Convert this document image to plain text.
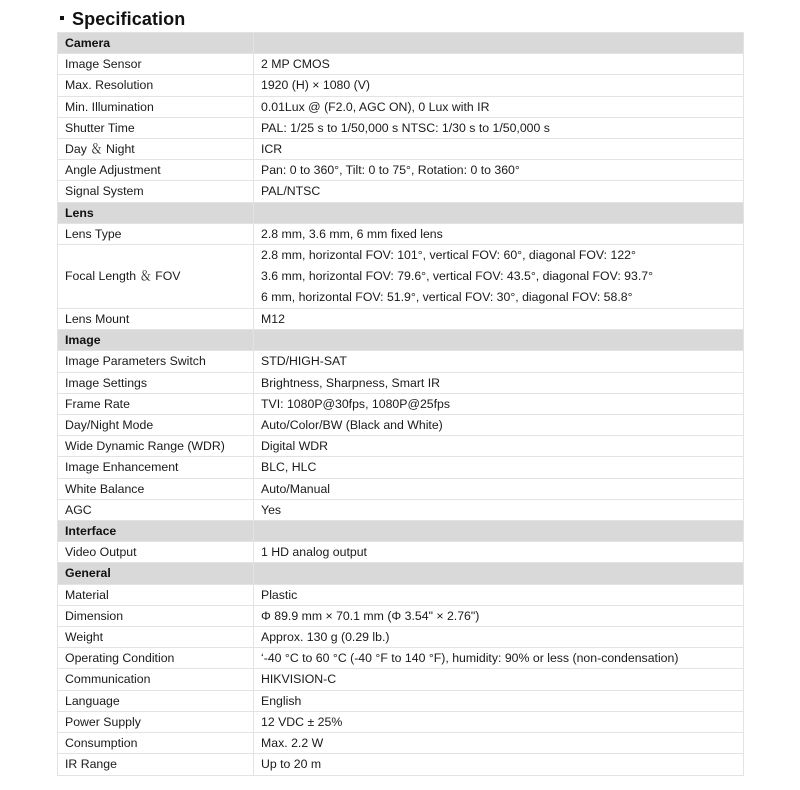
Specification
Camera	
Image Sensor	2 MP CMOS
Max. Resolution	1920 (H) × 1080 (V)
Min. Illumination	0.01Lux @ (F2.0, AGC ON), 0 Lux with IR
Shutter Time	PAL: 1/25 s to 1/50,000 s NTSC: 1/30 s to 1/50,000 s
Day ＆ Night	ICR
Angle Adjustment	Pan: 0 to 360°, Tilt: 0 to 75°, Rotation: 0 to 360°
Signal System	PAL/NTSC
Lens	
Lens Type	2.8 mm, 3.6 mm, 6 mm fixed lens
Focal Length ＆ FOV	2.8 mm, horizontal FOV: 101°, vertical FOV: 60°, diagonal FOV: 122°
3.6 mm, horizontal FOV: 79.6°, vertical FOV: 43.5°, diagonal FOV: 93.7°
6 mm, horizontal FOV: 51.9°, vertical FOV: 30°, diagonal FOV: 58.8°

Lens Mount	M12
Image	
Image Parameters Switch	STD/HIGH-SAT
Image Settings	Brightness, Sharpness, Smart IR
Frame Rate	TVI: 1080P@30fps, 1080P@25fps
Day/Night Mode	Auto/Color/BW (Black and White)
Wide Dynamic Range (WDR)	Digital WDR
Image Enhancement	BLC, HLC
White Balance	Auto/Manual
AGC	Yes
Interface	
Video Output	1 HD analog output
General	
Material	Plastic
Dimension	Φ 89.9 mm × 70.1 mm (Φ 3.54" × 2.76")
Weight	Approx. 130 g (0.29 lb.)
Operating Condition	‘-40 °C to 60 °C (-40 °F to 140 °F), humidity: 90% or less (non-condensation)
Communication	HIKVISION-C
Language	English
Power Supply	12 VDC ± 25%
Consumption	Max. 2.2 W
IR Range	Up to 20 m
